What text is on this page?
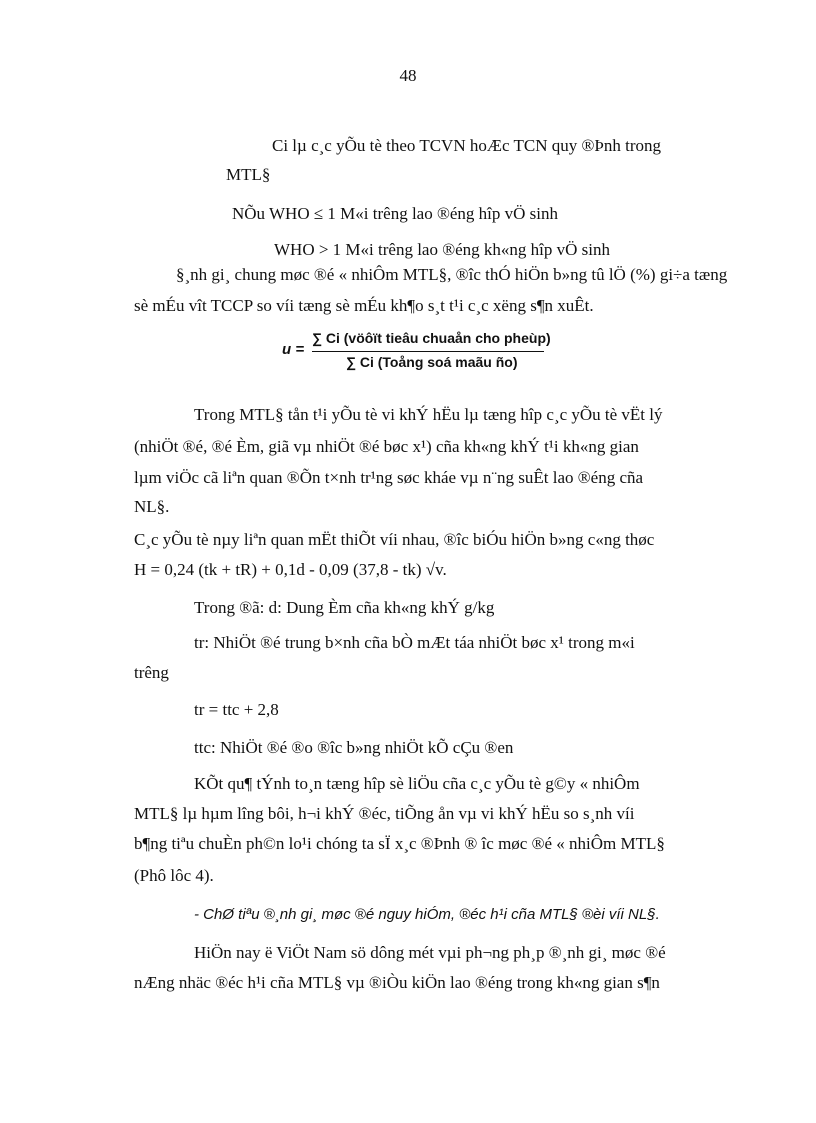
48
Ci lµ c¸c yÕu tè theo TCVN hoÆc TCN quy ®Þnh trong
MTL§
NÕu WHO ≤ 1 M«i trêng lao ®éng hîp vÖ sinh
WHO > 1 M«i trêng lao ®éng kh«ng hîp vÖ sinh
§¸nh gi¸ chung møc ®é « nhiÔm MTL§, ®îc thÓ hiÖn b»ng tû lÖ (%) gi÷a tæng
sè mÉu vît TCCP so víi tæng sè mÉu kh¶o s¸t t¹i c¸c xëng s¶n xuÊt.
u =
∑ Ci (vöôït tieâu chuaån cho pheùp)
∑ Ci (Toång soá maãu ño)
Trong MTL§ tån t¹i yÕu tè vi khÝ hËu lµ tæng hîp c¸c yÕu tè vËt lý
(nhiÖt ®é, ®é Èm, giã vµ nhiÖt ®é bøc x¹) cña kh«ng khÝ t¹i kh«ng gian
lµm viÖc cã liªn quan ®Õn t×nh tr¹ng søc kháe vµ n¨ng suÊt lao ®éng cña
NL§.
C¸c yÕu tè nµy liªn quan mËt thiÕt víi nhau, ®îc biÓu hiÖn b»ng c«ng thøc
H = 0,24 (tk + tR) + 0,1d - 0,09 (37,8 - tk) √v.
Trong ®ã: d: Dung Èm cña kh«ng khÝ g/kg
tr: NhiÖt ®é trung b×nh cña bÒ mÆt táa nhiÖt bøc x¹ trong m«i
trêng
tr = ttc + 2,8
ttc: NhiÖt ®é ®o ®îc b»ng nhiÖt kÕ cÇu ®en
KÕt qu¶ tÝnh to¸n tæng hîp sè liÖu cña c¸c yÕu tè g©y « nhiÔm
MTL§ lµ hµm lîng bôi, h¬i khÝ ®éc, tiÕng ån vµ vi khÝ hËu so s¸nh víi
b¶ng tiªu chuÈn ph©n lo¹i chóng ta sÏ x¸c ®Þnh ® îc møc ®é « nhiÔm MTL§
(Phô lôc 4).
- ChØ tiªu ®¸nh gi¸ møc ®é nguy hiÓm, ®éc h¹i cña MTL§ ®èi víi NL§.
HiÖn nay ë ViÖt Nam sö dông mét vµi ph¬ng ph¸p ®¸nh gi¸ møc ®é
nÆng nhäc ®éc h¹i cña MTL§ vµ ®iÒu kiÖn lao ®éng trong kh«ng gian s¶n
